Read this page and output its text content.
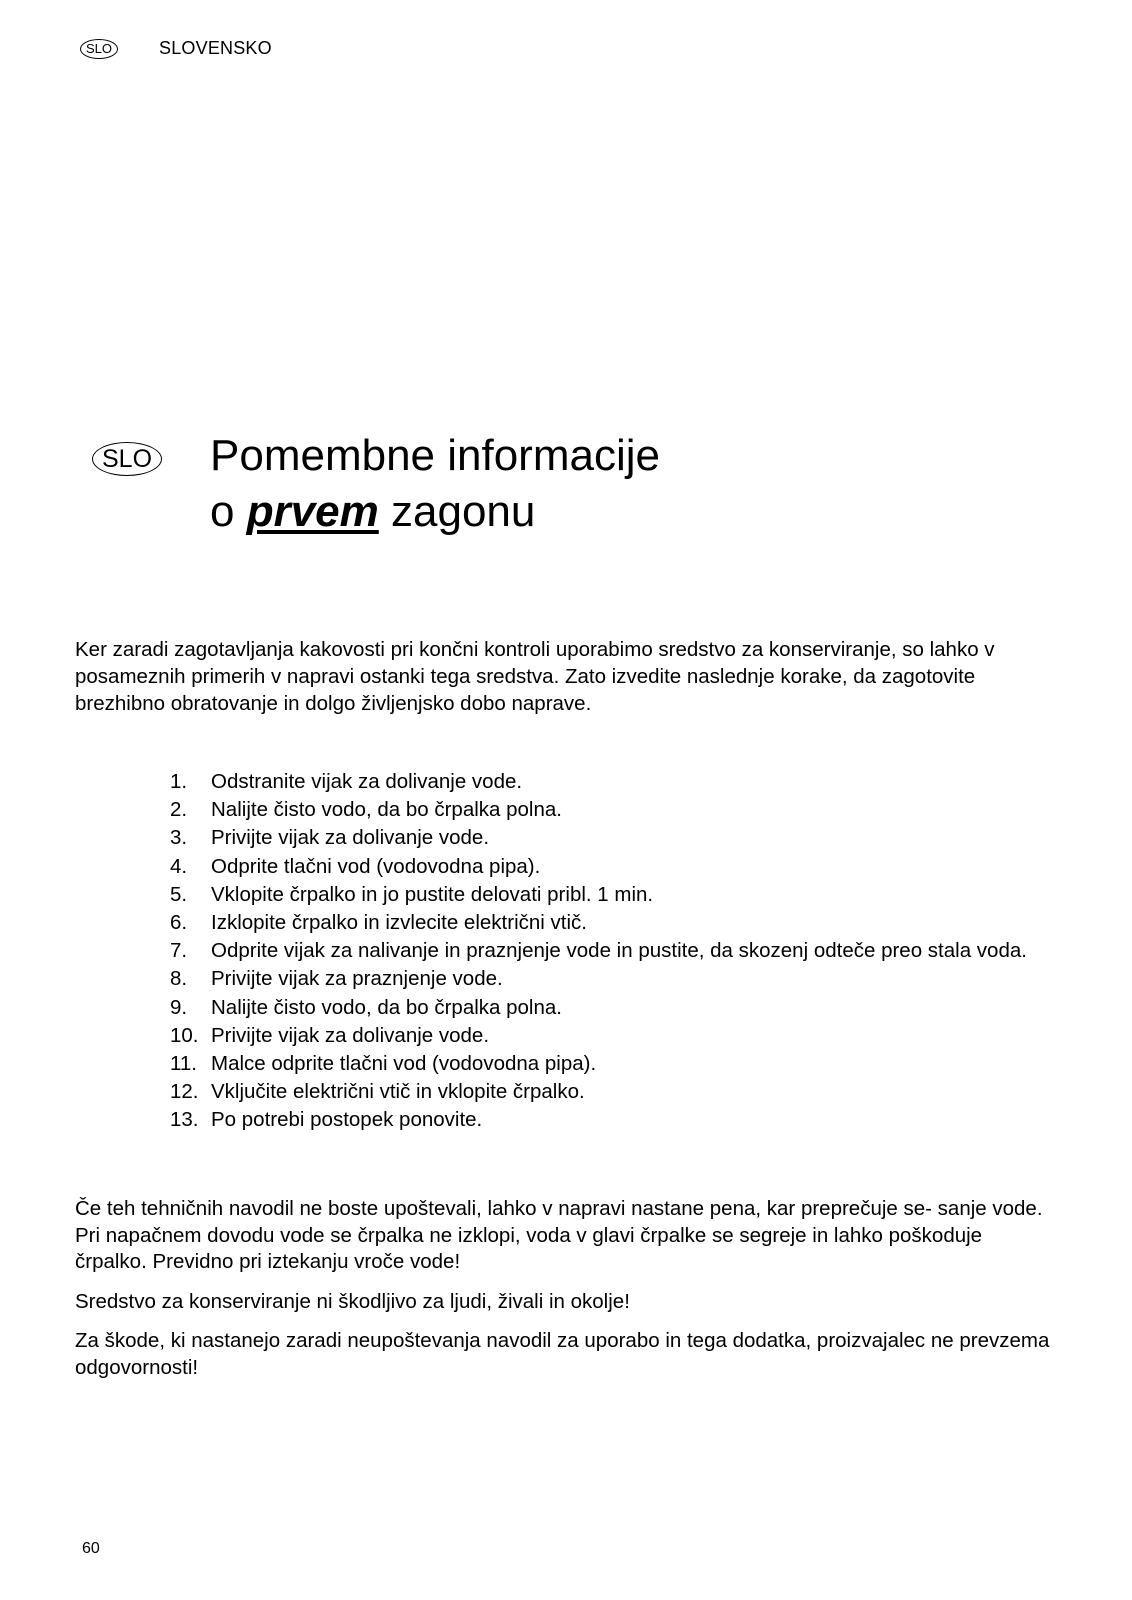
SLO	SLOVENSKO
SLO Pomembne informacije
o prvem zagonu

Ker zaradi zagotavljanja kakovosti pri končni kontroli uporabimo sredstvo za konserviranje, so lahko v posameznih primerih v napravi ostanki tega sredstva. Zato izvedite naslednje korake, da zagotovite brezhibno obratovanje in dolgo življenjsko dobo naprave.

1.	Odstranite vijak za dolivanje vode.
2.	Nalijte čisto vodo, da bo črpalka polna.
3.	Privijte vijak za dolivanje vode.
4.	Odprite tlačni vod (vodovodna pipa).
5.	Vklopite črpalko in jo pustite delovati pribl. 1 min.
6.	Izklopite črpalko in izvlecite električni vtič.
7.	Odprite vijak za nalivanje in praznjenje vode in pustite, da skozenj odteče preo stala voda.
8.	Privijte vijak za praznjenje vode.
9.	Nalijte čisto vodo, da bo črpalka polna.
10. Privijte vijak za dolivanje vode.
11. Malce odprite tlačni vod (vodovodna pipa).
12. Vključite električni vtič in vklopite črpalko.
13. Po potrebi postopek ponovite.

Če teh tehničnih navodil ne boste upoštevali, lahko v napravi nastane pena, kar preprečuje se- sanje vode. Pri napačnem dovodu vode se črpalka ne izklopi, voda v glavi črpalke se segreje in lahko poškoduje črpalko. Previdno pri iztekanju vroče vode!

Sredstvo za konserviranje ni škodljivo za ljudi, živali in okolje!

Za škode, ki nastanejo zaradi neupoštevanja navodil za uporabo in tega dodatka, proizvajalec ne prevzema odgovornosti!

60
